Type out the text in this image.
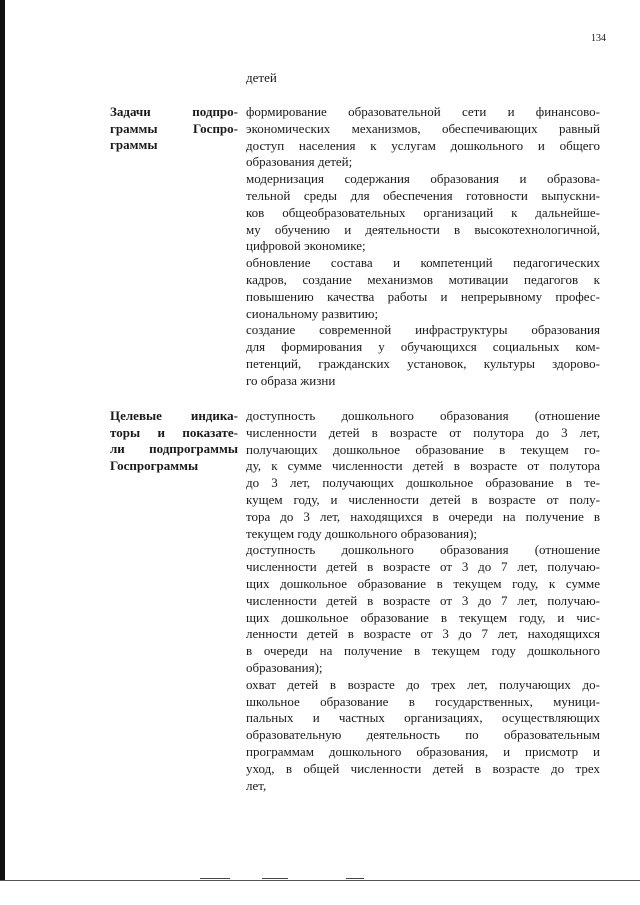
134
детей
Задачи подпро-
граммы Госпро-
граммы
формирование образовательной сети и финансово-
экономических механизмов, обеспечивающих равный
доступ населения к услугам дошкольного и общего
образования детей;
модернизация содержания образования и образова-
тельной среды для обеспечения готовности выпускни-
ков общеобразовательных организаций к дальнейше-
му обучению и деятельности в высокотехнологичной,
цифровой экономике;
обновление состава и компетенций педагогических
кадров, создание механизмов мотивации педагогов к
повышению качества работы и непрерывному профес-
сиональному развитию;
создание современной инфраструктуры образования
для формирования у обучающихся социальных ком-
петенций, гражданских установок, культуры здорово-
го образа жизни
Целевые индика-
торы и показате-
ли подпрограммы
Госпрограммы
доступность дошкольного образования (отношение
численности детей в возрасте от полутора до 3 лет,
получающих дошкольное образование в текущем го-
ду, к сумме численности детей в возрасте от полутора
до 3 лет, получающих дошкольное образование в те-
кущем году, и численности детей в возрасте от полу-
тора до 3 лет, находящихся в очереди на получение в
текущем году дошкольного образования);
доступность дошкольного образования (отношение
численности детей в возрасте от 3 до 7 лет, получаю-
щих дошкольное образование в текущем году, к сумме
численности детей в возрасте от 3 до 7 лет, получаю-
щих дошкольное образование в текущем году, и чис-
ленности детей в возрасте от 3 до 7 лет, находящихся
в очереди на получение в текущем году дошкольного
образования);
охват детей в возрасте до трех лет, получающих до-
школьное образование в государственных, муници-
пальных и частных организациях, осуществляющих
образовательную деятельность по образовательным
программам дошкольного образования, и присмотр и
уход, в общей численности детей в возрасте до трех
лет,
